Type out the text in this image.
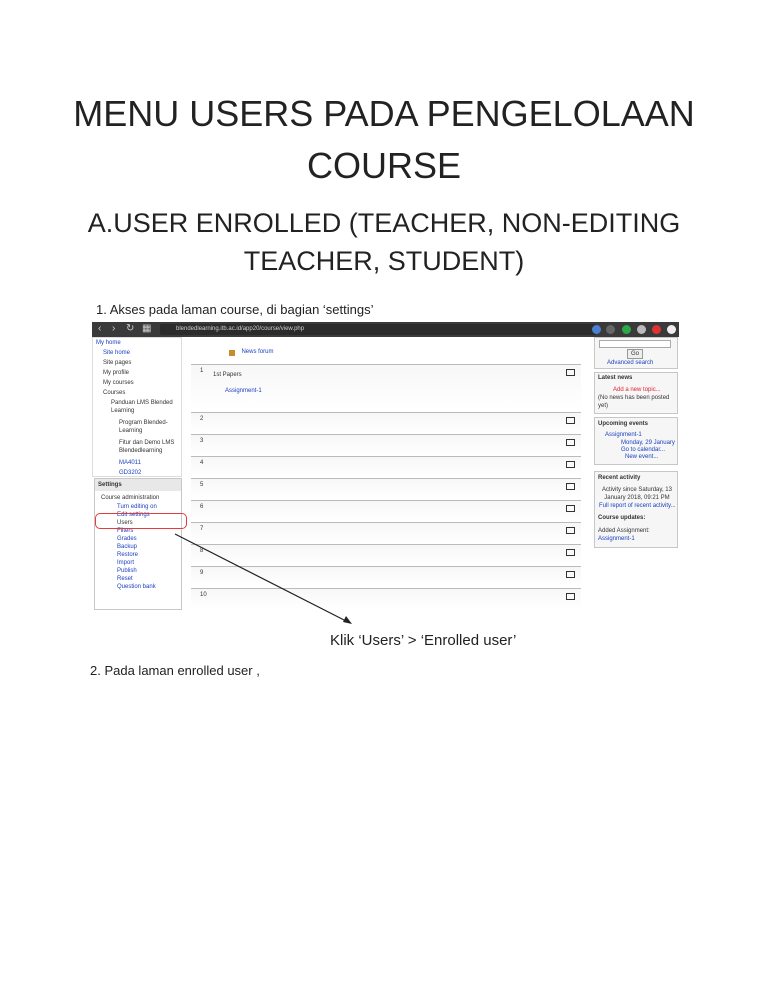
MENU USERS PADA PENGELOLAAN COURSE
A.USER ENROLLED (TEACHER, NON-EDITING TEACHER, STUDENT)
1. Akses pada laman course, di bagian ‘settings’
‹ › ↻ ▦	blendedlearning.itb.ac.id/app20/course/view.php
My home
Site home
Site pages
My profile
My courses
Courses
Panduan LMS Blended Learning
Program Blended-Learning
Fitur dan Demo LMS Blendedlearning
MA4011
GD3202
Settings
Course administration
Turn editing on
Edit settings
Users
Filters
Grades
Backup
Restore
Import
Publish
Reset
Question bank
News forum
1
1st Papers
Assignment-1
2
3
4
5
6
7
8
9
10
Go
Advanced search
Latest news
Add a new topic...
(No news has been posted yet)
Upcoming events
Assignment-1
Monday, 29 January
Go to calendar...
New event...
Recent activity
Activity since Saturday, 13 January 2018, 09:21 PM
Full report of recent activity...
Course updates:
Added Assignment:
Assignment-1
Klik ‘Users’ > ‘Enrolled user’
2. Pada laman enrolled user ,
